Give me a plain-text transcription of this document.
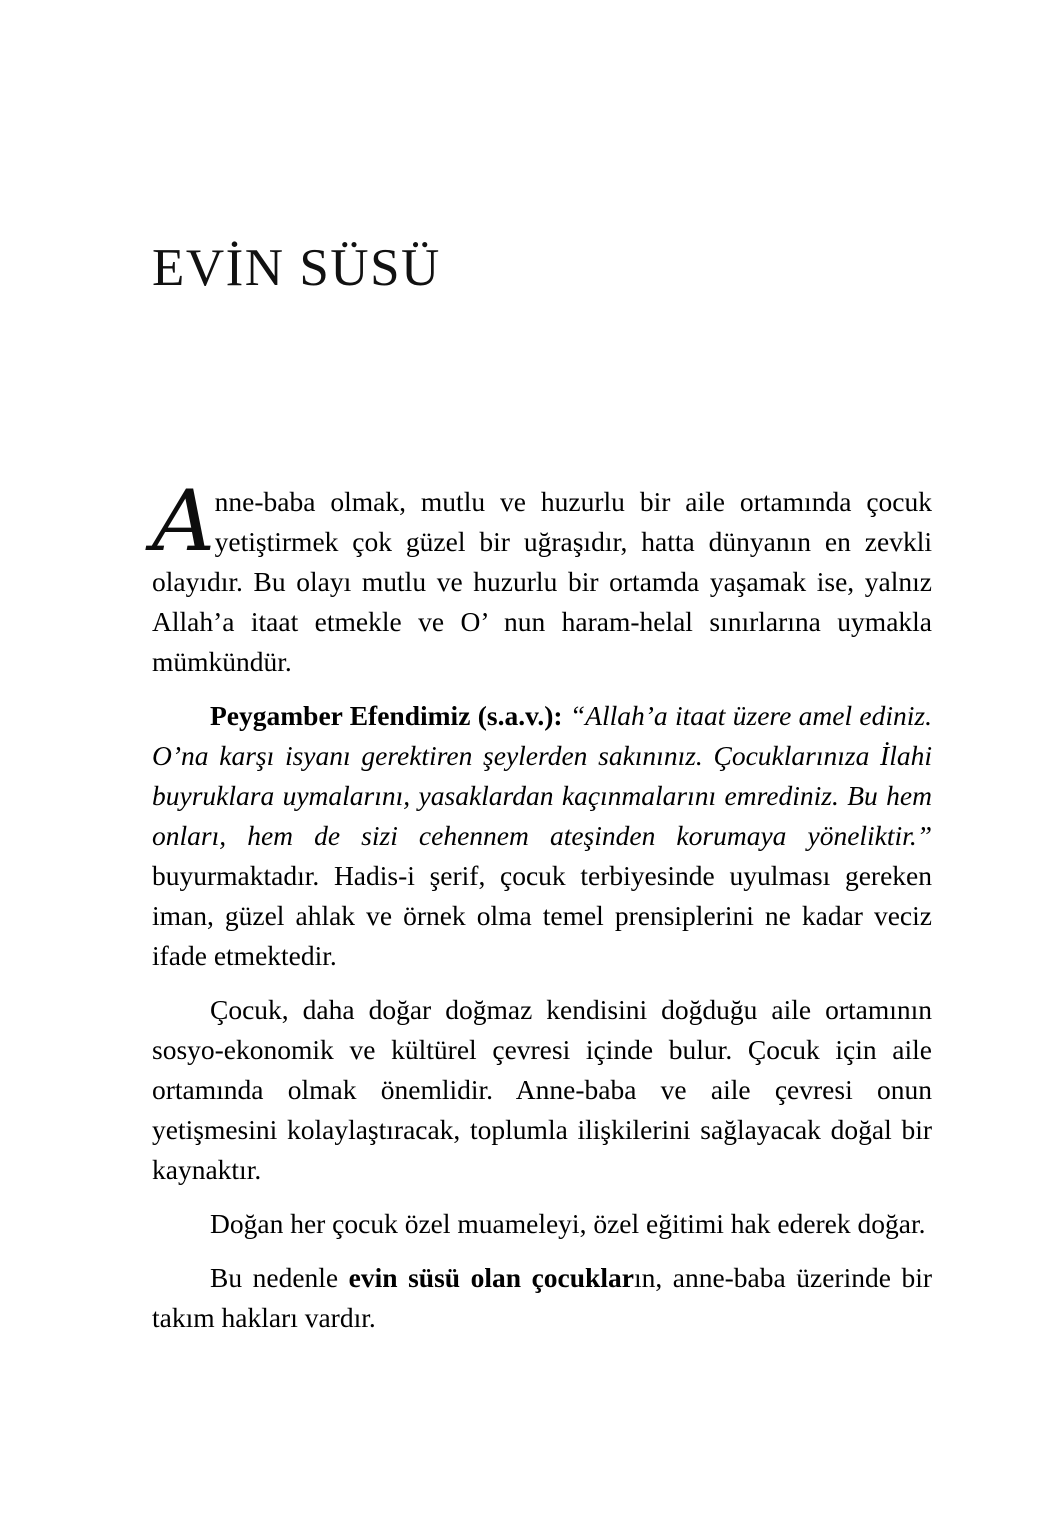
EVİN SÜSÜ

Anne-baba olmak, mutlu ve huzurlu bir aile ortamında çocuk yetiştirmek çok güzel bir uğraşıdır, hatta dünyanın en zevkli olayıdır. Bu olayı mutlu ve huzurlu bir ortamda yaşamak ise, yalnız Allah’a itaat etmekle ve O’ nun haram-helal sınırlarına uymakla mümkündür.

Peygamber Efendimiz (s.a.v.): “Allah’a itaat üzere amel ediniz. O’na karşı isyanı gerektiren şeylerden sakınınız. Çocuklarınıza İlahi buyruklara uymalarını, yasaklardan kaçınmalarını emrediniz. Bu hem onları, hem de sizi cehennem ateşinden korumaya yöneliktir.” buyurmaktadır. Hadis-i şerif, çocuk terbiyesinde uyulması gereken iman, güzel ahlak ve örnek olma temel prensiplerini ne kadar veciz ifade etmektedir.

Çocuk, daha doğar doğmaz kendisini doğduğu aile ortamının sosyo-ekonomik ve kültürel çevresi içinde bulur. Çocuk için aile ortamında olmak önemlidir. Anne-baba ve aile çevresi onun yetişmesini kolaylaştıracak, toplumla ilişkilerini sağlayacak doğal bir kaynaktır.

Doğan her çocuk özel muameleyi, özel eğitimi hak ederek doğar.

Bu nedenle evin süsü olan çocukların, anne-baba üzerinde bir takım hakları vardır.
